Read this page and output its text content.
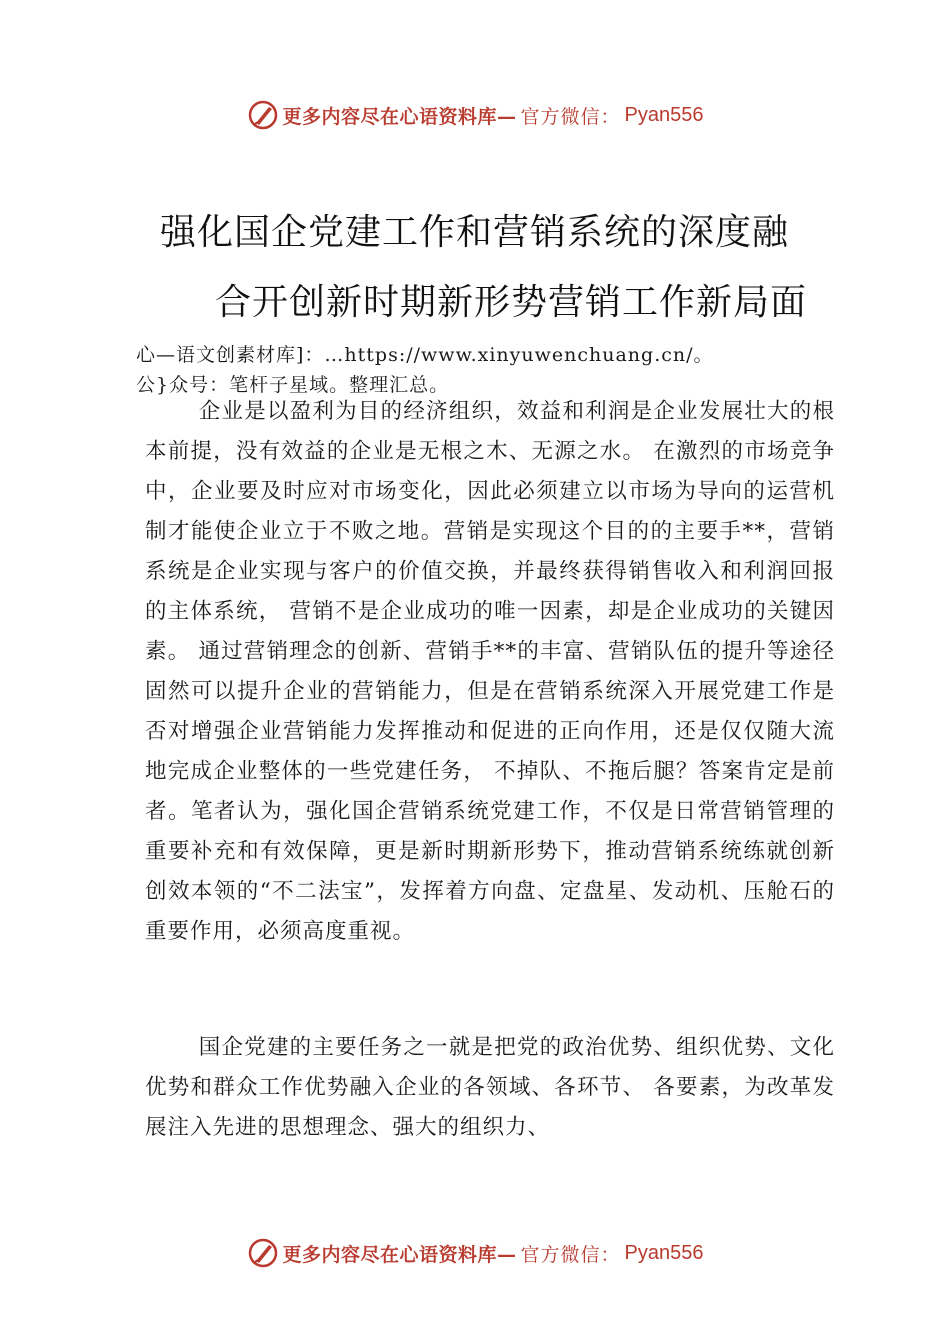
更多内容尽在心语资料库— 官方微信： Pyan556
强化国企党建工作和营销系统的深度融
合开创新时期新形势营销工作新局面
心—语文创素材库]：…https://www.xinyuwenchuang.cn/。
公}众号：笔杆子星域。整理汇总。

企业是以盈利为目的经济组织，效益和利润是企业发展壮大的根本前提，没有效益的企业是无根之木、无源之水。 在激烈的市场竞争中，企业要及时应对市场变化，因此必须建立以市场为导向的运营机制才能使企业立于不败之地。营销是实现这个目的的主要手**，营销系统是企业实现与客户的价值交换，并最终获得销售收入和利润回报的主体系统， 营销不是企业成功的唯一因素，却是企业成功的关键因素。 通过营销理念的创新、营销手**的丰富、营销队伍的提升等途径固然可以提升企业的营销能力，但是在营销系统深入开展党建工作是否对增强企业营销能力发挥推动和促进的正向作用，还是仅仅随大流地完成企业整体的一些党建任务， 不掉队、不拖后腿？答案肯定是前者。笔者认为，强化国企营销系统党建工作，不仅是日常营销管理的重要补充和有效保障，更是新时期新形势下，推动营销系统练就创新创效本领的“不二法宝”，发挥着方向盘、定盘星、发动机、压舱石的重要作用，必须高度重视。

国企党建的主要任务之一就是把党的政治优势、组织优势、文化优势和群众工作优势融入企业的各领域、各环节、 各要素，为改革发展注入先进的思想理念、强大的组织力、

更多内容尽在心语资料库— 官方微信： Pyan556
